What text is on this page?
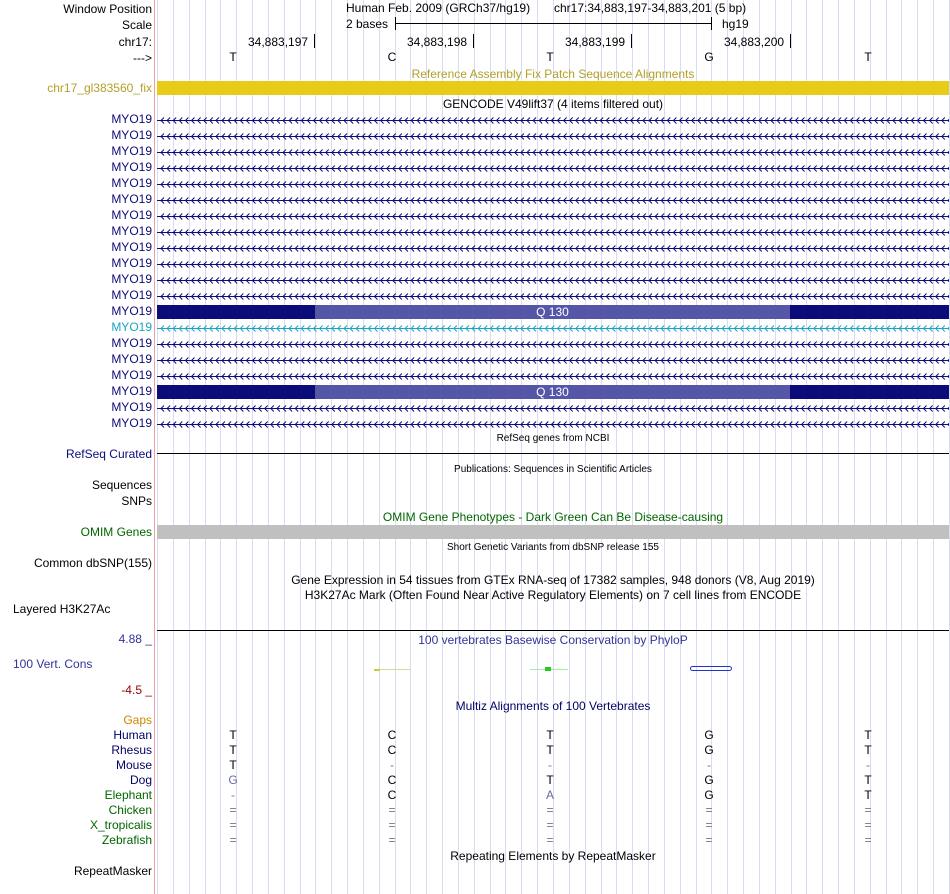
Window Position	Human Feb. 2009 (GRCh37/hg19) chr17:34,883,197-34,883,201 (5 bp)
Scale	2 bases	hg19
chr17:	34,883,197	34,883,198	34,883,199	34,883,200
--->	T	C	T	G	T
Reference Assembly Fix Patch Sequence Alignments
chr17_gl383560_fix
GENCODE V49lift37 (4 items filtered out)
MYO19
MYO19
MYO19
MYO19
MYO19
MYO19
MYO19
MYO19
MYO19
MYO19
MYO19
MYO19
MYO19	Q 130
MYO19
MYO19
MYO19
MYO19
MYO19	Q 130
MYO19
MYO19
RefSeq genes from NCBI
RefSeq Curated
Publications: Sequences in Scientific Articles
Sequences
SNPs
OMIM Gene Phenotypes - Dark Green Can Be Disease-causing
OMIM Genes
Short Genetic Variants from dbSNP release 155
Common dbSNP(155)
Gene Expression in 54 tissues from GTEx RNA-seq of 17382 samples, 948 donors (V8, Aug 2019)
H3K27Ac Mark (Often Found Near Active Regulatory Elements) on 7 cell lines from ENCODE
Layered H3K27Ac
100 vertebrates Basewise Conservation by PhyloP
4.88 _
100 Vert. Cons
-4.5 _
Multiz Alignments of 100 Vertebrates
Gaps
Human	T	C	T	G	T
Rhesus	T	C	T	G	T
Mouse	T	-	-	-	-
Dog	G	C	T	G	T
Elephant	-	C	A	G	T
Chicken	=	=	=	=	=
X_tropicalis	=	=	=	=	=
Zebrafish	=	=	=	=	=
Repeating Elements by RepeatMasker
RepeatMasker
